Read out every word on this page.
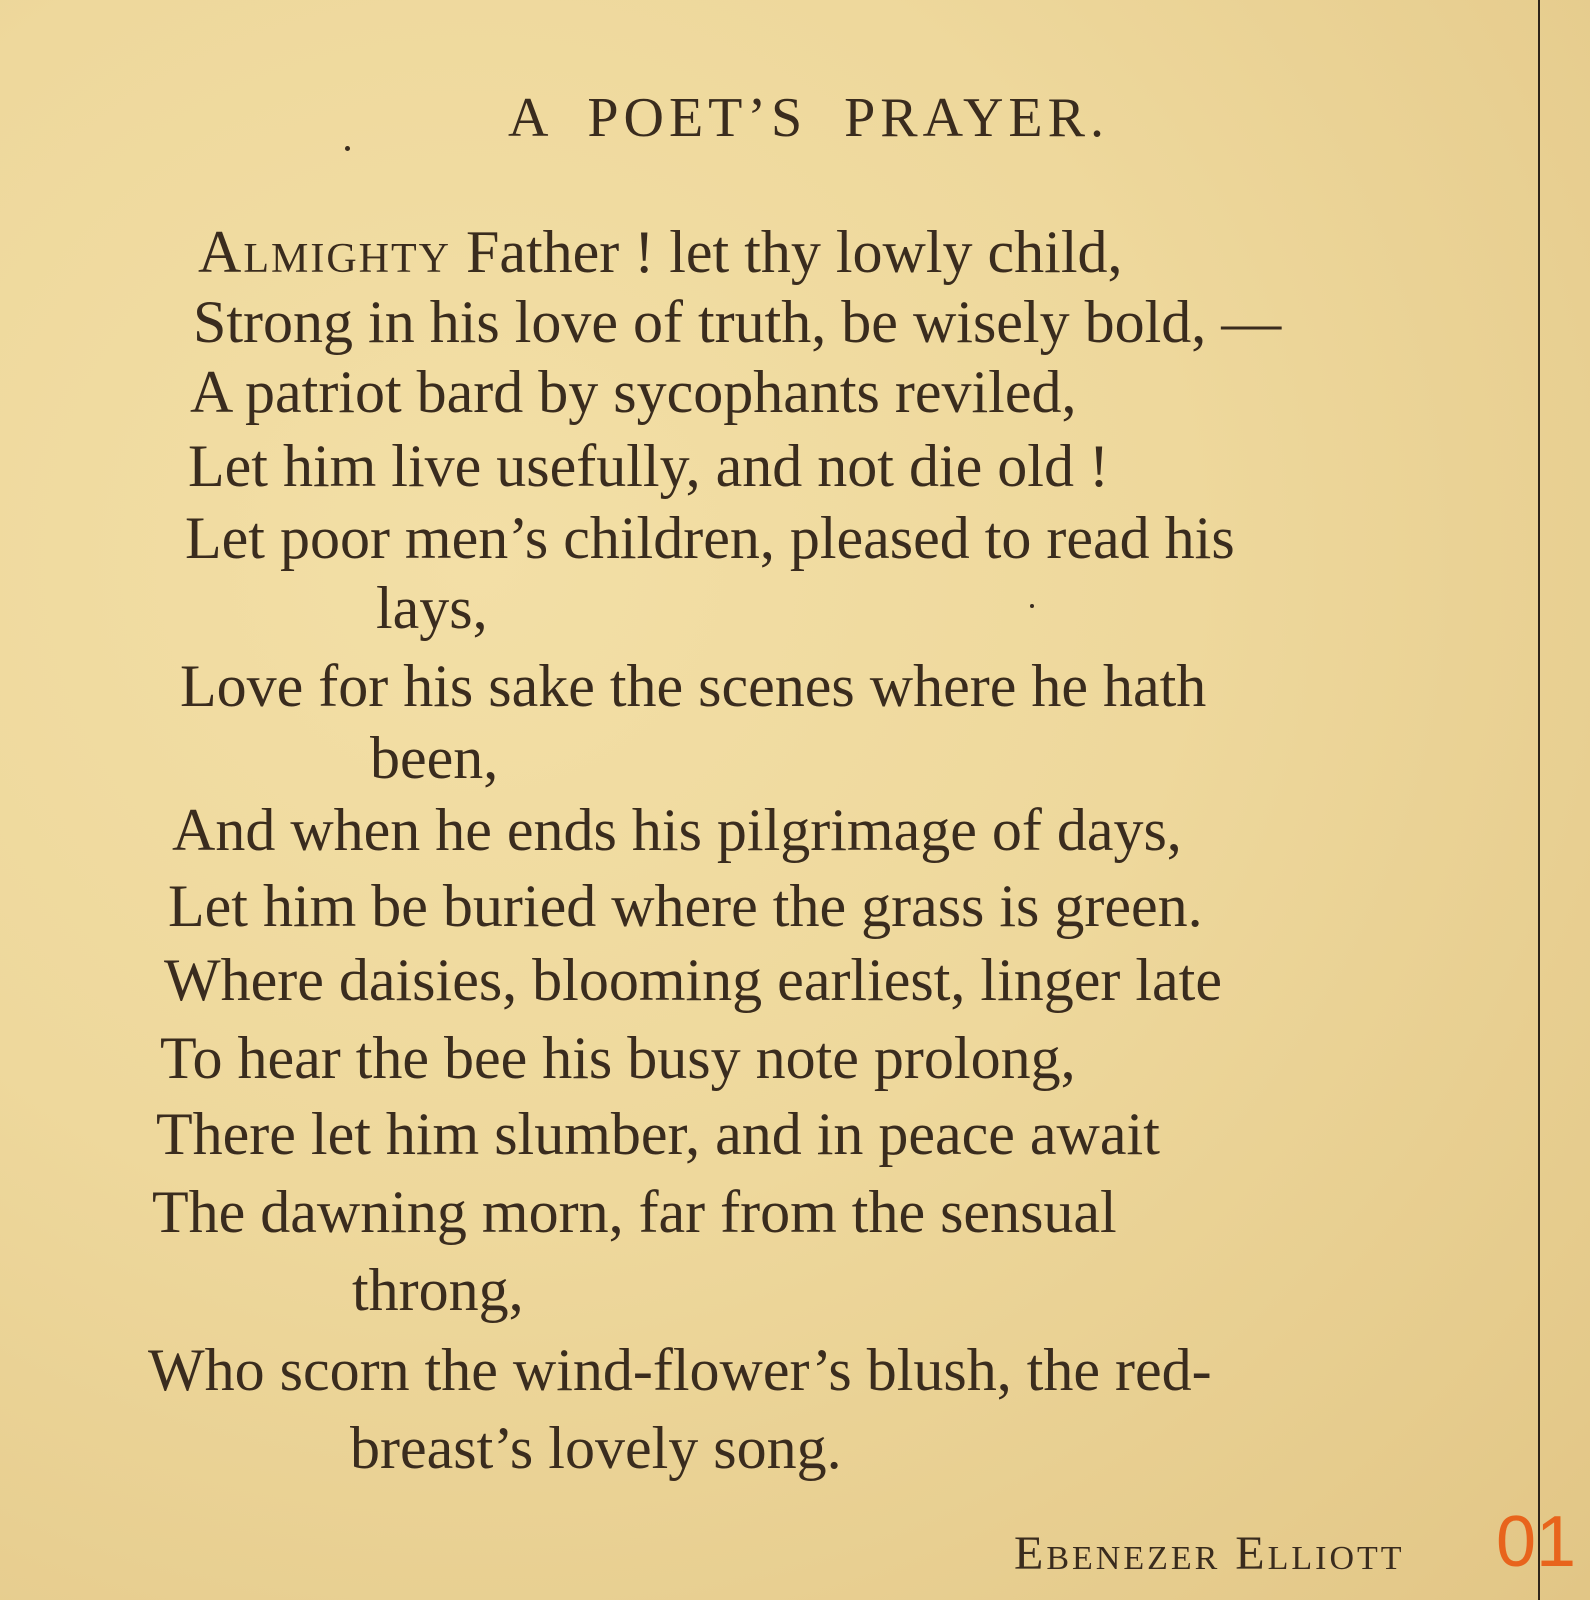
A POET’S PRAYER.
Almighty Father ! let thy lowly child,
Strong in his love of truth, be wisely bold, —
A patriot bard by sycophants reviled,
Let him live usefully, and not die old !
Let poor men’s children, pleased to read his
lays,
Love for his sake the scenes where he hath
been,
And when he ends his pilgrimage of days,
Let him be buried where the grass is green.
Where daisies, blooming earliest, linger late
To hear the bee his busy note prolong,
There let him slumber, and in peace await
The dawning morn, far from the sensual
throng,
Who scorn the wind-flower’s blush, the red-
breast’s lovely song.
Ebenezer Elliott 01
